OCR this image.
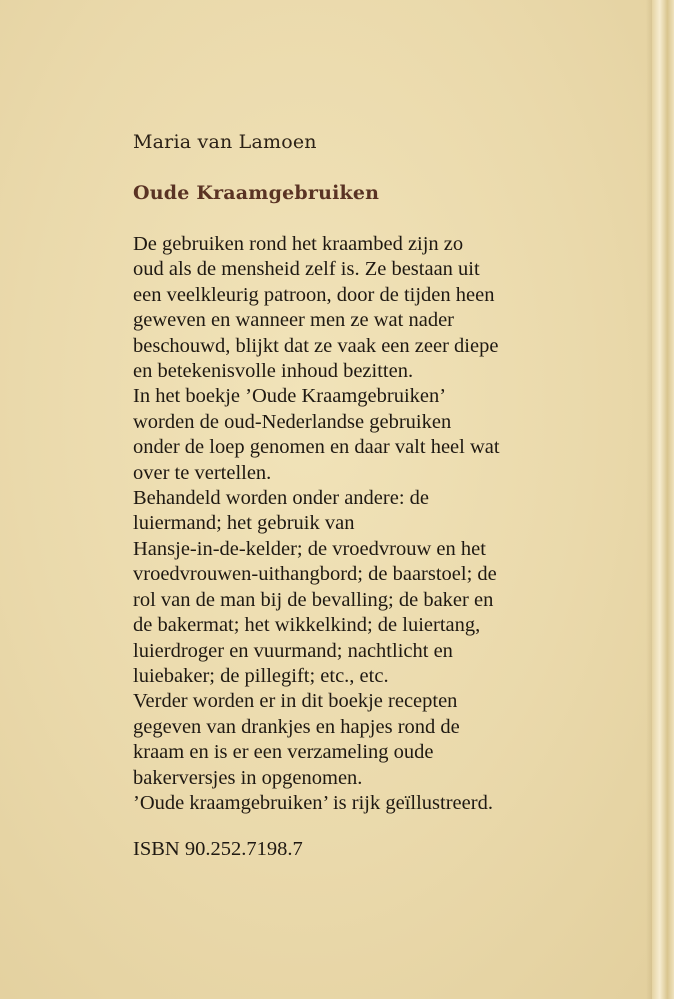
Maria van Lamoen
Oude Kraamgebruiken
De gebruiken rond het kraambed zijn zo
oud als de mensheid zelf is. Ze bestaan uit
een veelkleurig patroon, door de tijden heen
geweven en wanneer men ze wat nader
beschouwd, blijkt dat ze vaak een zeer diepe
en betekenisvolle inhoud bezitten.
In het boekje ’Oude Kraamgebruiken’
worden de oud-Nederlandse gebruiken
onder de loep genomen en daar valt heel wat
over te vertellen.
Behandeld worden onder andere: de
luiermand; het gebruik van
Hansje-in-de-kelder; de vroedvrouw en het
vroedvrouwen-uithangbord; de baarstoel; de
rol van de man bij de bevalling; de baker en
de bakermat; het wikkelkind; de luiertang,
luierdroger en vuurmand; nachtlicht en
luiebaker; de pillegift; etc., etc.
Verder worden er in dit boekje recepten
gegeven van drankjes en hapjes rond de
kraam en is er een verzameling oude
bakerversjes in opgenomen.
’Oude kraamgebruiken’ is rijk geïllustreerd.
ISBN 90.252.7198.7
